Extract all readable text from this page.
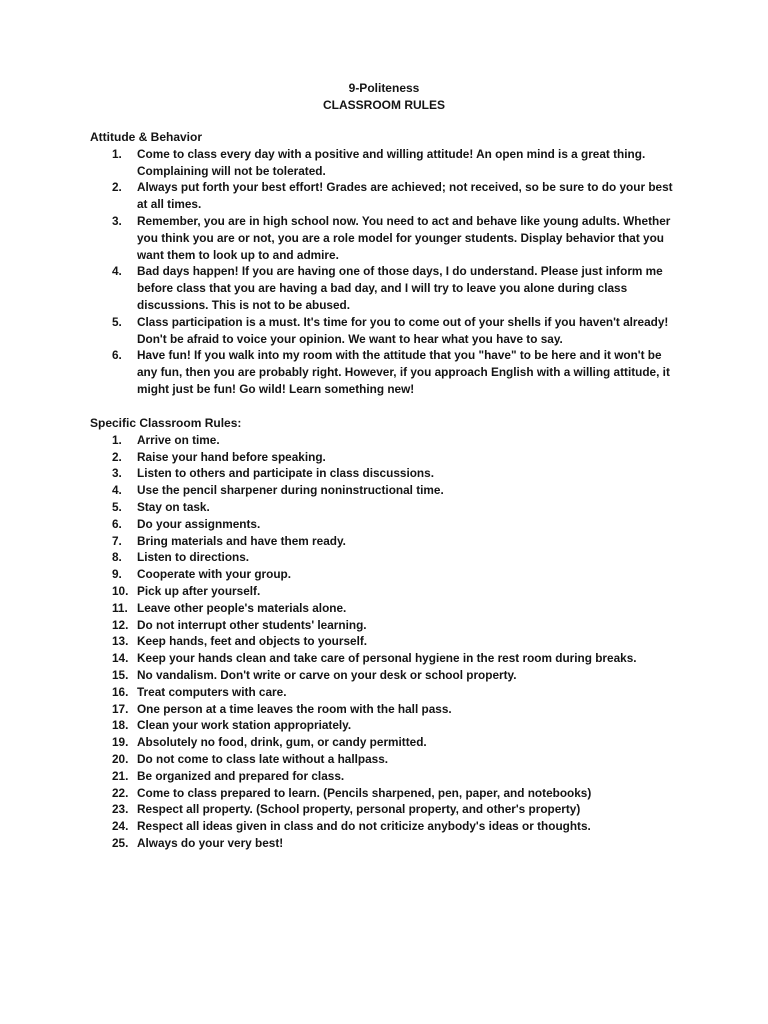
9-Politeness
CLASSROOM RULES
Attitude & Behavior
1. Come to class every day with a positive and willing attitude! An open mind is a great thing.
Complaining will not be tolerated.
2. Always put forth your best effort! Grades are achieved; not received, so be sure to do your best
at all times.
3. Remember, you are in high school now. You need to act and behave like young adults. Whether
you think you are or not, you are a role model for younger students. Display behavior that you
want them to look up to and admire.
4. Bad days happen! If you are having one of those days, I do understand. Please just inform me
before class that you are having a bad day, and I will try to leave you alone during class
discussions. This is not to be abused.
5. Class participation is a must. It's time for you to come out of your shells if you haven't already!
Don't be afraid to voice your opinion. We want to hear what you have to say.
6. Have fun! If you walk into my room with the attitude that you "have" to be here and it won't be
any fun, then you are probably right. However, if you approach English with a willing attitude, it
might just be fun! Go wild! Learn something new!
Specific Classroom Rules:
1. Arrive on time.
2. Raise your hand before speaking.
3. Listen to others and participate in class discussions.
4. Use the pencil sharpener during noninstructional time.
5. Stay on task.
6. Do your assignments.
7. Bring materials and have them ready.
8. Listen to directions.
9. Cooperate with your group.
10. Pick up after yourself.
11. Leave other people's materials alone.
12. Do not interrupt other students' learning.
13. Keep hands, feet and objects to yourself.
14. Keep your hands clean and take care of personal hygiene in the rest room during breaks.
15. No vandalism. Don't write or carve on your desk or school property.
16. Treat computers with care.
17. One person at a time leaves the room with the hall pass.
18. Clean your work station appropriately.
19. Absolutely no food, drink, gum, or candy permitted.
20. Do not come to class late without a hallpass.
21. Be organized and prepared for class.
22. Come to class prepared to learn. (Pencils sharpened, pen, paper, and notebooks)
23. Respect all property. (School property, personal property, and other's property)
24. Respect all ideas given in class and do not criticize anybody's ideas or thoughts.
25. Always do your very best!
